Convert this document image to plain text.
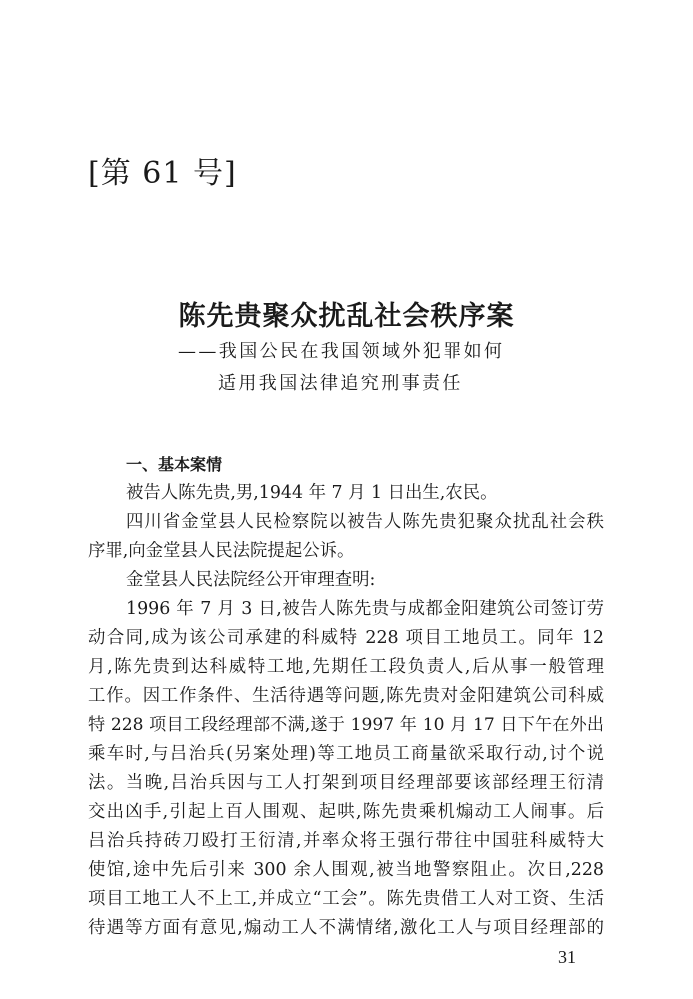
[第 61 号]
陈先贵聚众扰乱社会秩序案
——我国公民在我国领域外犯罪如何
适用我国法律追究刑事责任
一、基本案情
被告人陈先贵,男,1944 年 7 月 1 日出生,农民。
四川省金堂县人民检察院以被告人陈先贵犯聚众扰乱社会秩
序罪,向金堂县人民法院提起公诉。
金堂县人民法院经公开审理查明:
1996 年 7 月 3 日,被告人陈先贵与成都金阳建筑公司签订劳
动合同,成为该公司承建的科威特 228 项目工地员工。同年 12
月,陈先贵到达科威特工地,先期任工段负责人,后从事一般管理
工作。因工作条件、生活待遇等问题,陈先贵对金阳建筑公司科威
特 228 项目工段经理部不满,遂于 1997 年 10 月 17 日下午在外出
乘车时,与吕治兵(另案处理)等工地员工商量欲采取行动,讨个说
法。当晚,吕治兵因与工人打架到项目经理部要该部经理王衍清
交出凶手,引起上百人围观、起哄,陈先贵乘机煽动工人闹事。后
吕治兵持砖刀殴打王衍清,并率众将王强行带往中国驻科威特大
使馆,途中先后引来 300 余人围观,被当地警察阻止。次日,228
项目工地工人不上工,并成立“工会”。陈先贵借工人对工资、生活
待遇等方面有意见,煽动工人不满情绪,激化工人与项目经理部的
31
